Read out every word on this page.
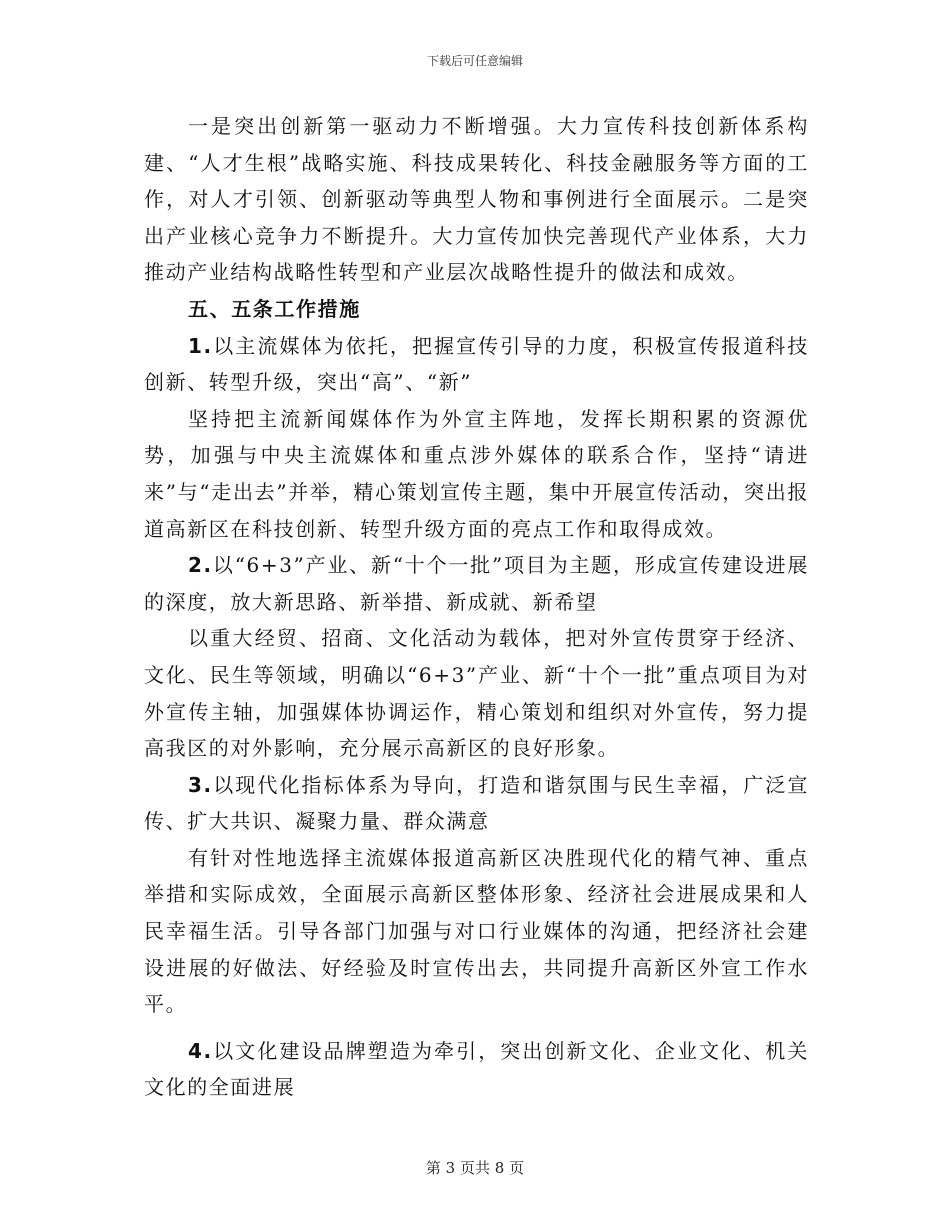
下载后可任意编辑

一是突出创新第一驱动力不断增强。大力宣传科技创新体系构建、“人才生根”战略实施、科技成果转化、科技金融服务等方面的工作，对人才引领、创新驱动等典型人物和事例进行全面展示。二是突出产业核心竞争力不断提升。大力宣传加快完善现代产业体系，大力推动产业结构战略性转型和产业层次战略性提升的做法和成效。

五、五条工作措施

1.以主流媒体为依托，把握宣传引导的力度，积极宣传报道科技创新、转型升级，突出“高”、“新”

坚持把主流新闻媒体作为外宣主阵地，发挥长期积累的资源优势，加强与中央主流媒体和重点涉外媒体的联系合作，坚持“请进来”与“走出去”并举，精心策划宣传主题，集中开展宣传活动，突出报道高新区在科技创新、转型升级方面的亮点工作和取得成效。

2.以“6+3”产业、新“十个一批”项目为主题，形成宣传建设进展的深度，放大新思路、新举措、新成就、新希望

以重大经贸、招商、文化活动为载体，把对外宣传贯穿于经济、文化、民生等领域，明确以“6+3”产业、新“十个一批”重点项目为对外宣传主轴，加强媒体协调运作，精心策划和组织对外宣传，努力提高我区的对外影响，充分展示高新区的良好形象。

3.以现代化指标体系为导向，打造和谐氛围与民生幸福，广泛宣传、扩大共识、凝聚力量、群众满意

有针对性地选择主流媒体报道高新区决胜现代化的精气神、重点举措和实际成效，全面展示高新区整体形象、经济社会进展成果和人民幸福生活。引导各部门加强与对口行业媒体的沟通，把经济社会建设进展的好做法、好经验及时宣传出去，共同提升高新区外宣工作水平。

4.以文化建设品牌塑造为牵引，突出创新文化、企业文化、机关文化的全面进展

第 3 页共 8 页
